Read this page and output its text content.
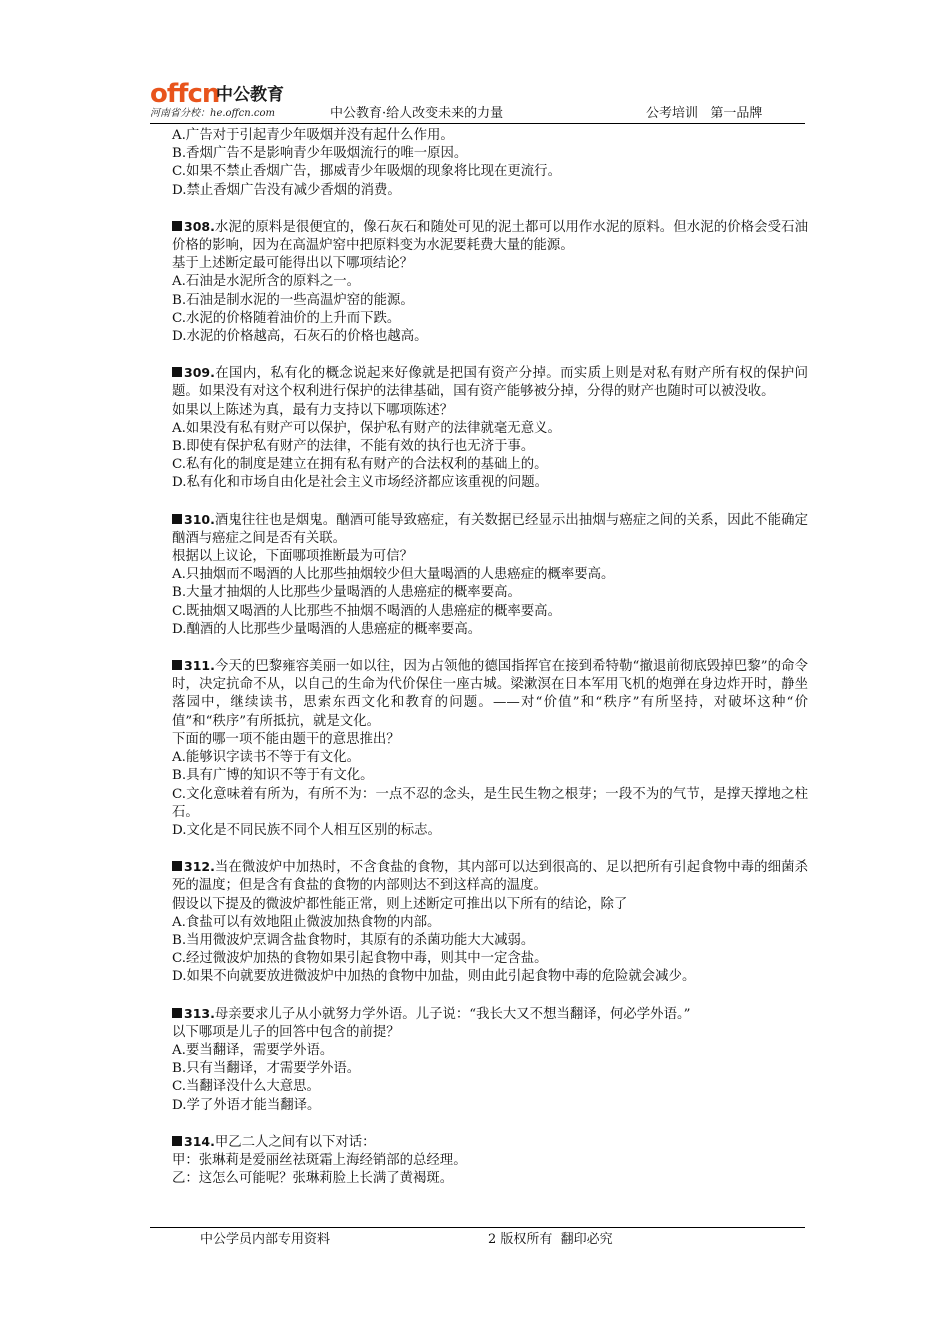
offcn
中公教育
河南省分校：he.offcn.com	中公教育·给人改变未来的力量	公考培训   第一品牌

A.广告对于引起青少年吸烟并没有起什么作用。

B.香烟广告不是影响青少年吸烟流行的唯一原因。

C.如果不禁止香烟广告，挪威青少年吸烟的现象将比现在更流行。

D.禁止香烟广告没有减少香烟的消费。

308.水泥的原料是很便宜的，像石灰石和随处可见的泥土都可以用作水泥的原料。但水泥的价格会受石油价格的影响，因为在高温炉窑中把原料变为水泥要耗费大量的能源。

基于上述断定最可能得出以下哪项结论？

A.石油是水泥所含的原料之一。

B.石油是制水泥的一些高温炉窑的能源。

C.水泥的价格随着油价的上升而下跌。

D.水泥的价格越高，石灰石的价格也越高。

309.在国内，私有化的概念说起来好像就是把国有资产分掉。而实质上则是对私有财产所有权的保护问题。如果没有对这个权利进行保护的法律基础，国有资产能够被分掉，分得的财产也随时可以被没收。

如果以上陈述为真，最有力支持以下哪项陈述？

A.如果没有私有财产可以保护，保护私有财产的法律就毫无意义。

B.即使有保护私有财产的法律，不能有效的执行也无济于事。

C.私有化的制度是建立在拥有私有财产的合法权利的基础上的。

D.私有化和市场自由化是社会主义市场经济都应该重视的问题。

310.酒鬼往往也是烟鬼。酗酒可能导致癌症，有关数据已经显示出抽烟与癌症之间的关系，因此不能确定酗酒与癌症之间是否有关联。

根据以上议论，下面哪项推断最为可信？

A.只抽烟而不喝酒的人比那些抽烟较少但大量喝酒的人患癌症的概率要高。

B.大量才抽烟的人比那些少量喝酒的人患癌症的概率要高。

C.既抽烟又喝酒的人比那些不抽烟不喝酒的人患癌症的概率要高。

D.酗酒的人比那些少量喝酒的人患癌症的概率要高。

311.今天的巴黎雍容美丽一如以往，因为占领他的德国指挥官在接到希特勒“撤退前彻底毁掉巴黎”的命令时，决定抗命不从，以自己的生命为代价保住一座古城。梁漱溟在日本军用飞机的炮弹在身边炸开时，静坐落园中，继续读书，思索东西文化和教育的问题。——对“价值”和“秩序”有所坚持，对破坏这种“价值”和“秩序”有所抵抗，就是文化。

下面的哪一项不能由题干的意思推出？

A.能够识字读书不等于有文化。

B.具有广博的知识不等于有文化。

C.文化意味着有所为，有所不为：一点不忍的念头，是生民生物之根芽；一段不为的气节，是撑天撑地之柱石。

D.文化是不同民族不同个人相互区别的标志。

312.当在微波炉中加热时，不含食盐的食物，其内部可以达到很高的、足以把所有引起食物中毒的细菌杀死的温度；但是含有食盐的食物的内部则达不到这样高的温度。

假设以下提及的微波炉都性能正常，则上述断定可推出以下所有的结论，除了

A.食盐可以有效地阻止微波加热食物的内部。

B.当用微波炉烹调含盐食物时，其原有的杀菌功能大大减弱。

C.经过微波炉加热的食物如果引起食物中毒，则其中一定含盐。

D.如果不向就要放进微波炉中加热的食物中加盐，则由此引起食物中毒的危险就会减少。

313.母亲要求儿子从小就努力学外语。儿子说：“我长大又不想当翻译，何必学外语。”

以下哪项是儿子的回答中包含的前提？

A.要当翻译，需要学外语。

B.只有当翻译，才需要学外语。

C.当翻译没什么大意思。

D.学了外语才能当翻译。

314.甲乙二人之间有以下对话：

甲：张琳莉是爱丽丝祛斑霜上海经销部的总经理。

乙：这怎么可能呢？张琳莉脸上长满了黄褐斑。

中公学员内部专用资料	2 版权所有  翻印必究
